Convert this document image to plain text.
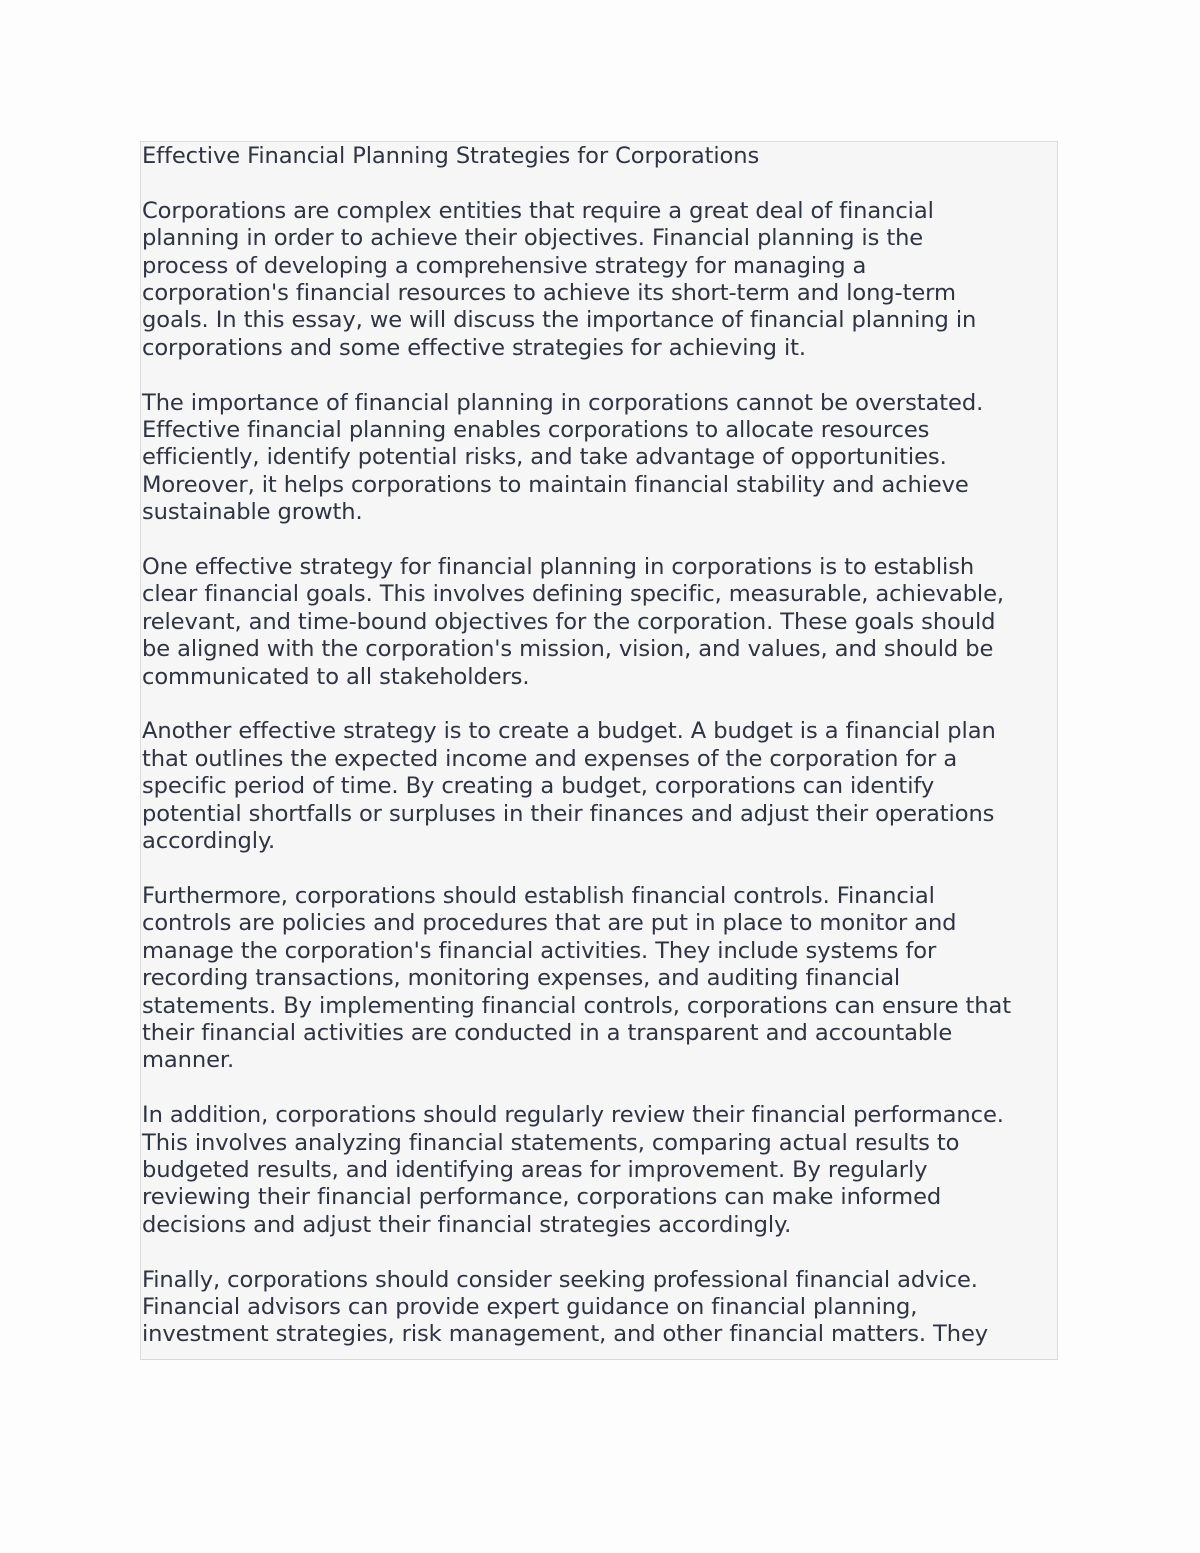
Effective Financial Planning Strategies for Corporations

Corporations are complex entities that require a great deal of financial
planning in order to achieve their objectives. Financial planning is the
process of developing a comprehensive strategy for managing a
corporation's financial resources to achieve its short-term and long-term
goals. In this essay, we will discuss the importance of financial planning in
corporations and some effective strategies for achieving it.

The importance of financial planning in corporations cannot be overstated.
Effective financial planning enables corporations to allocate resources
efficiently, identify potential risks, and take advantage of opportunities.
Moreover, it helps corporations to maintain financial stability and achieve
sustainable growth.

One effective strategy for financial planning in corporations is to establish
clear financial goals. This involves defining specific, measurable, achievable,
relevant, and time-bound objectives for the corporation. These goals should
be aligned with the corporation's mission, vision, and values, and should be
communicated to all stakeholders.

Another effective strategy is to create a budget. A budget is a financial plan
that outlines the expected income and expenses of the corporation for a
specific period of time. By creating a budget, corporations can identify
potential shortfalls or surpluses in their finances and adjust their operations
accordingly.

Furthermore, corporations should establish financial controls. Financial
controls are policies and procedures that are put in place to monitor and
manage the corporation's financial activities. They include systems for
recording transactions, monitoring expenses, and auditing financial
statements. By implementing financial controls, corporations can ensure that
their financial activities are conducted in a transparent and accountable
manner.

In addition, corporations should regularly review their financial performance.
This involves analyzing financial statements, comparing actual results to
budgeted results, and identifying areas for improvement. By regularly
reviewing their financial performance, corporations can make informed
decisions and adjust their financial strategies accordingly.

Finally, corporations should consider seeking professional financial advice.
Financial advisors can provide expert guidance on financial planning,
investment strategies, risk management, and other financial matters. They
